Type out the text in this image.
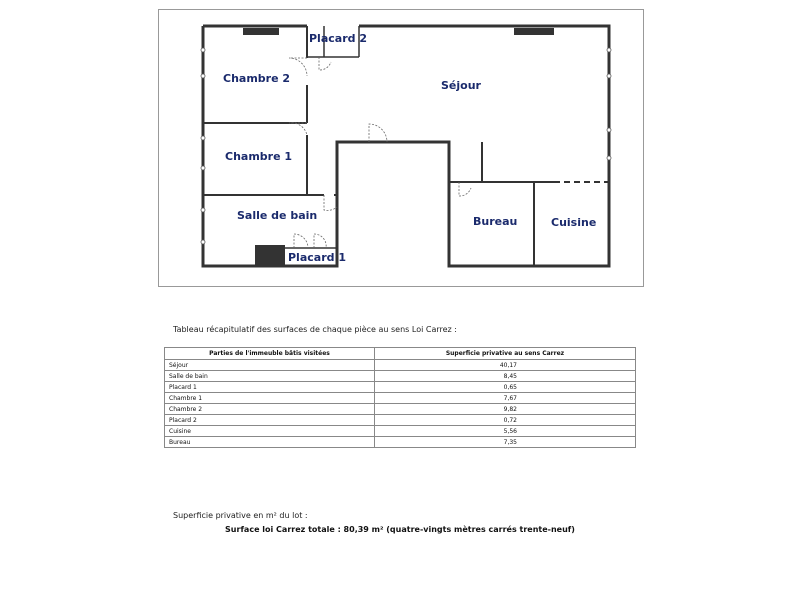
Placard 2
Chambre 2
Séjour
Chambre 1
Salle de bain
Placard 1
Bureau	Cuisine
Tableau récapitulatif des surfaces de chaque pièce au sens Loi Carrez :
Parties de l'immeuble bâtis visitées	Superficie privative au sens Carrez
Séjour	40,17
Salle de bain	8,45
Placard 1	0,65
Chambre 1	7,67
Chambre 2	9,82
Placard 2	0,72
Cuisine	5,56
Bureau	7,35
Superficie privative en m² du lot :
Surface loi Carrez totale : 80,39 m² (quatre-vingts mètres carrés trente-neuf)
